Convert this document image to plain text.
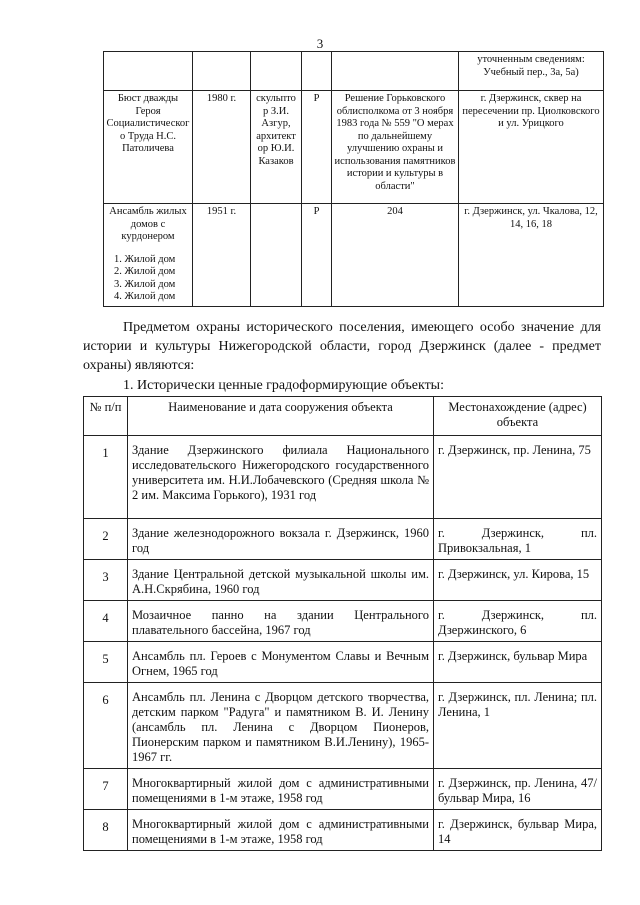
3
					уточненным сведениям: Учебный пер., 3а, 5а)
Бюст дважды Героя Социалистическог о Труда Н.С. Патоличева	1980 г.	скульпто р З.И. Азгур, архитект ор Ю.И. Казаков	Р	Решение Горьковского облисполкома от 3 ноября 1983 года № 559 "О мерах по дальнейшему улучшению охраны и использования памятников истории и культуры в области"	г. Дзержинск, сквер на пересечении пр. Циолковского и ул. Урицкого
Ансамбль жилых домов с курдонером
1. Жилой дом
2. Жилой дом
3. Жилой дом
4. Жилой дом	1951 г.		Р	204	г. Дзержинск, ул. Чкалова, 12, 14, 16, 18
Предметом охраны исторического поселения, имеющего особо значение для истории и культуры Нижегородской области, город Дзержинск (далее - предмет охраны) являются:
1. Исторически ценные градоформирующие объекты:
№ п/п	Наименование и дата сооружения объекта	Местонахождение (адрес) объекта
1	Здание Дзержинского филиала Национального исследовательского Нижегородского государственного университета им. Н.И.Лобачевского (Средняя школа № 2 им. Максима Горького), 1931 год	г. Дзержинск, пр. Ленина, 75
2	Здание железнодорожного вокзала г. Дзержинск, 1960 год	г. Дзержинск, пл. Привокзальная, 1
3	Здание Центральной детской музыкальной школы им. А.Н.Скрябина, 1960 год	г. Дзержинск, ул. Кирова, 15
4	Мозаичное панно на здании Центрального плавательного бассейна, 1967 год	г. Дзержинск, пл. Дзержинского, 6
5	Ансамбль пл. Героев с Монументом Славы и Вечным Огнем, 1965 год	г. Дзержинск, бульвар Мира
6	Ансамбль пл. Ленина с Дворцом детского творчества, детским парком "Радуга" и памятником В. И. Ленину (ансамбль пл. Ленина с Дворцом Пионеров, Пионерским парком и памятником В.И.Ленину), 1965-1967 гг.	г. Дзержинск, пл. Ленина; пл. Ленина, 1
7	Многоквартирный жилой дом с административными помещениями в 1-м этаже, 1958 год	г. Дзержинск, пр. Ленина, 47/ бульвар Мира, 16
8	Многоквартирный жилой дом с административными помещениями в 1-м этаже, 1958 год	г. Дзержинск, бульвар Мира, 14
